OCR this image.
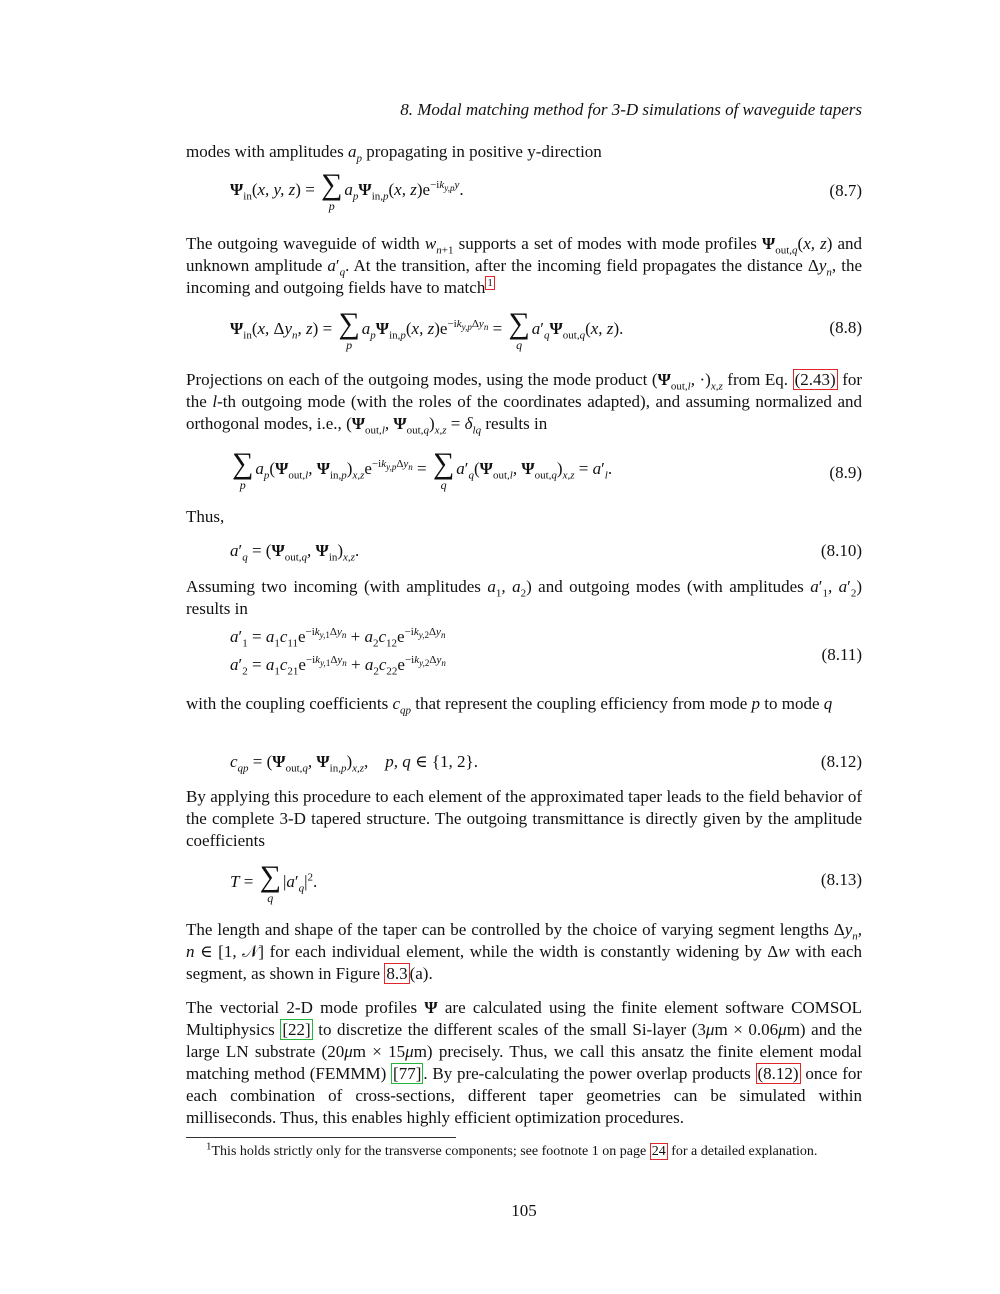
8. Modal matching method for 3-D simulations of waveguide tapers
modes with amplitudes $a_p$ propagating in positive y-direction
$\Psi_{in}(x$, y, z) = ∑
p
$a_p\Psi_{in,p}(x$, $z)e^{-ik_{y,p}y}$.	(8.7)
The outgoing waveguide of width $w_{n+1}$ supports a set of modes with mode profiles $\Psi_{out,q}(x$, z) and unknown amplitude $a'_q$. At the transition, after the incoming field propagates the distance $\Delta y_n$, the incoming and outgoing fields have to match $^1$
$\Psi_{in}(x$, $\Delta y_n$, z) = ∑
p
$a_p\Psi_{in,p}(x$, $z)e^{-ik_{y,p}\Delta y_n}$ = ∑
q
$a'_q\Psi_{out,q}(x$, z).	(8.8)
Projections on each of the outgoing modes, using the mode product ($\Psi_{out,l}$, $\cdot)_{x,z}$ from Eq. (2.43) for the l-th outgoing mode (with the roles of the coordinates adapted), and assuming normalized and orthogonal modes, i.e., ($\Psi_{out,l}$, $\Psi_{out,q})_{x,z} = \delta_{lq}$ results in
∑
p
$a_p(\Psi_{out,l}$, $\Psi_{in,p})_{x,z}e^{-ik_{y,p}\Delta y_n}$ = ∑
q
$a'_q(\Psi_{out,l}$, $\Psi_{out,q})_{x,z} = a'_l$.	(8.9)
Thus,
$a'_q = (\Psi_{out,q}$, $\Psi_{in})_{x,z}$.	(8.10)
Assuming two incoming (with amplitudes $a_1$, $a_2$) and outgoing modes (with amplitudes $a'_1$, $a'_2$) results in
$a'_1 = a_1c_{11}e^{-ik_{y,1}\Delta y_n} + a_2c_{12}e^{-ik_{y,2}\Delta y_n}$
$a'_2 = a_1c_{21}e^{-ik_{y,1}\Delta y_n} + a_2c_{22}e^{-ik_{y,2}\Delta y_n}$	(8.11)
with the coupling coefficients $c_{qp}$ that represent the coupling efficiency from mode p to mode q
$c_{qp} = (\Psi_{out,q}$, $\Psi_{in,p})_{x,z}$, p, q ∈ {1, 2}.	(8.12)
By applying this procedure to each element of the approximated taper leads to the field behavior of the complete 3-D tapered structure. The outgoing transmittance is directly given by the amplitude coefficients
T = ∑
q
$|a'_q|^2$.	(8.13)
The length and shape of the taper can be controlled by the choice of varying segment lengths $\Delta y_n$, n ∈ [1, 𝒩] for each individual element, while the width is constantly widening by Δw with each segment, as shown in Figure 8.3 (a).
The vectorial 2-D mode profiles Ψ are calculated using the finite element software COMSOL Multiphysics [22] to discretize the different scales of the small Si-layer (3μm × 0.06μm) and the large LN substrate (20μm × 15μm) precisely. Thus, we call this ansatz the finite element modal matching method (FEMMM) [77] . By pre-calculating the power overlap products (8.12) once for each combination of cross-sections, different taper geometries can be simulated within milliseconds. Thus, this enables highly efficient optimization procedures.
$^1$This holds strictly only for the transverse components; see footnote 1 on page 24 for a detailed explanation.
105
